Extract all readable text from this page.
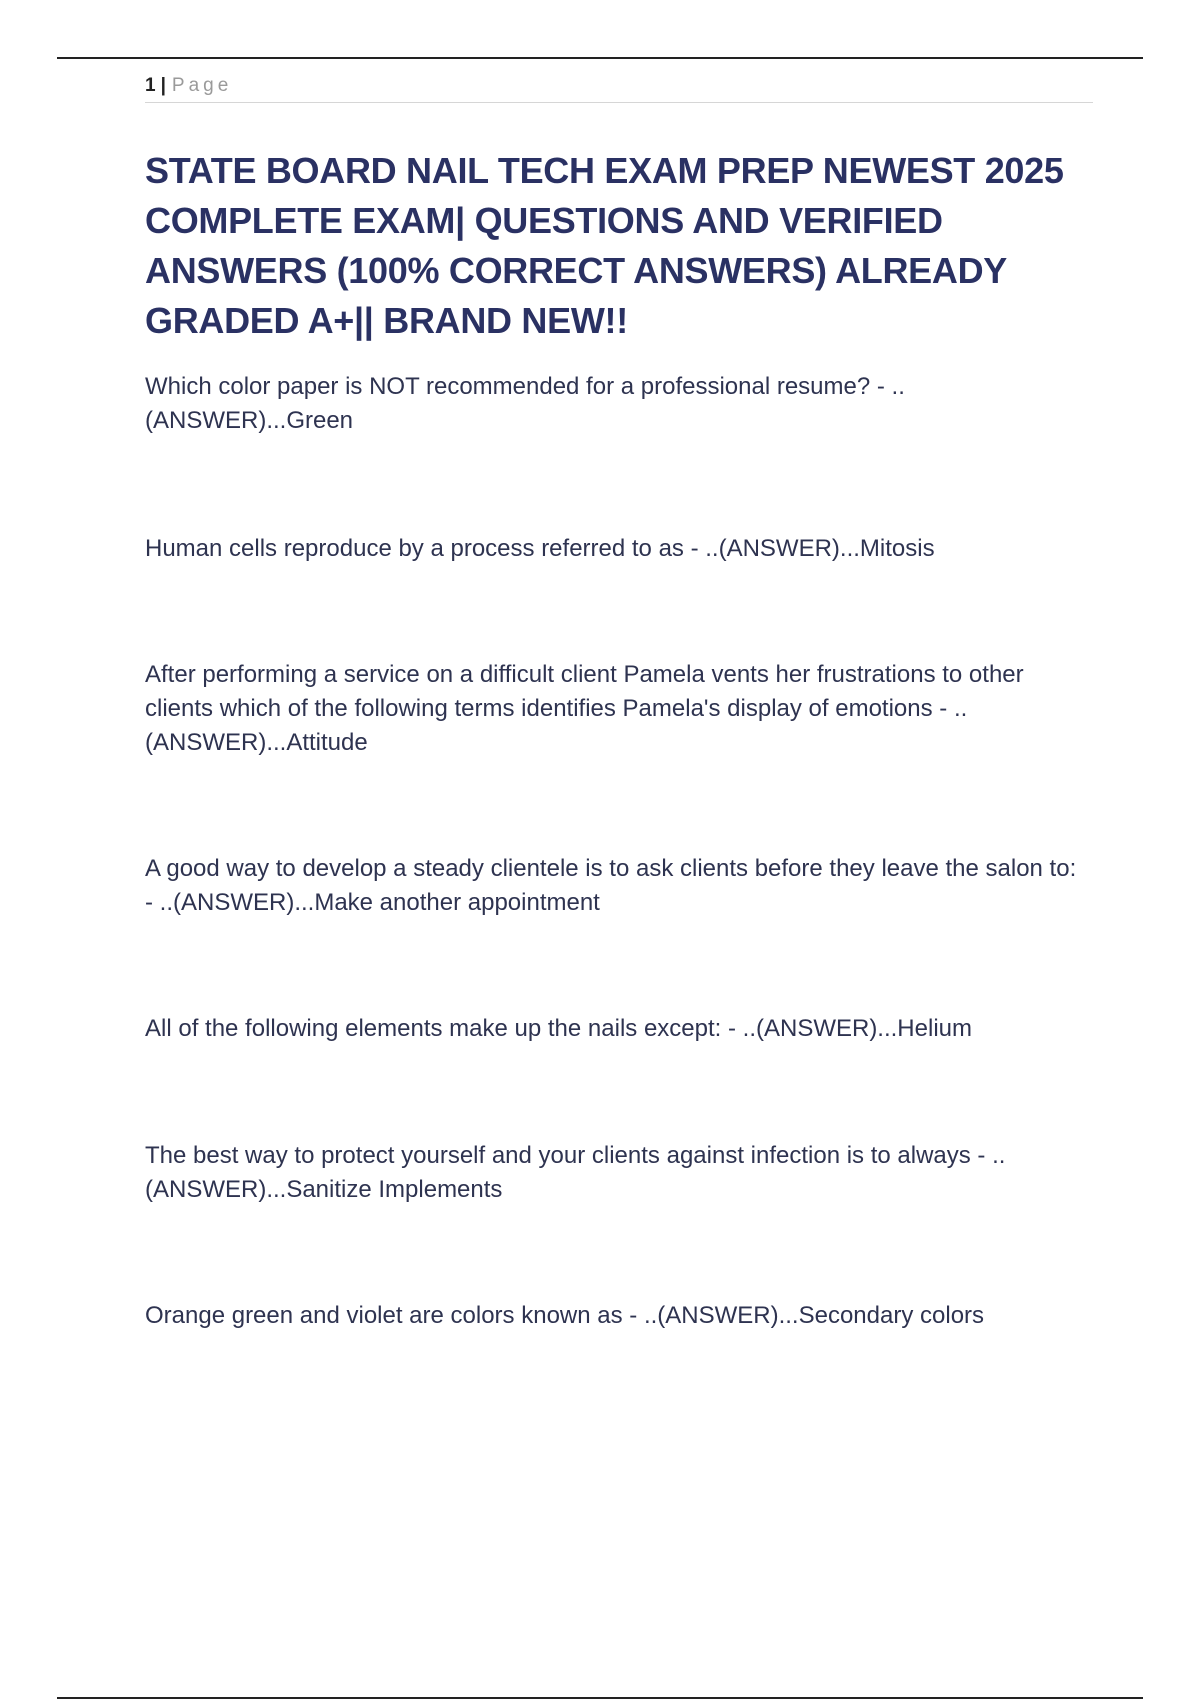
1 | Page
STATE BOARD NAIL TECH EXAM PREP NEWEST 2025 COMPLETE EXAM| QUESTIONS AND VERIFIED ANSWERS (100% CORRECT ANSWERS) ALREADY GRADED A+|| BRAND NEW!!

Which color paper is NOT recommended for a professional resume? - ..(ANSWER)...Green

Human cells reproduce by a process referred to as - ..(ANSWER)...Mitosis

After performing a service on a difficult client Pamela vents her frustrations to other clients which of the following terms identifies Pamela's display of emotions - ..(ANSWER)...Attitude

A good way to develop a steady clientele is to ask clients before they leave the salon to: - ..(ANSWER)...Make another appointment

All of the following elements make up the nails except: - ..(ANSWER)...Helium

The best way to protect yourself and your clients against infection is to always - ..(ANSWER)...Sanitize Implements

Orange green and violet are colors known as - ..(ANSWER)...Secondary colors
